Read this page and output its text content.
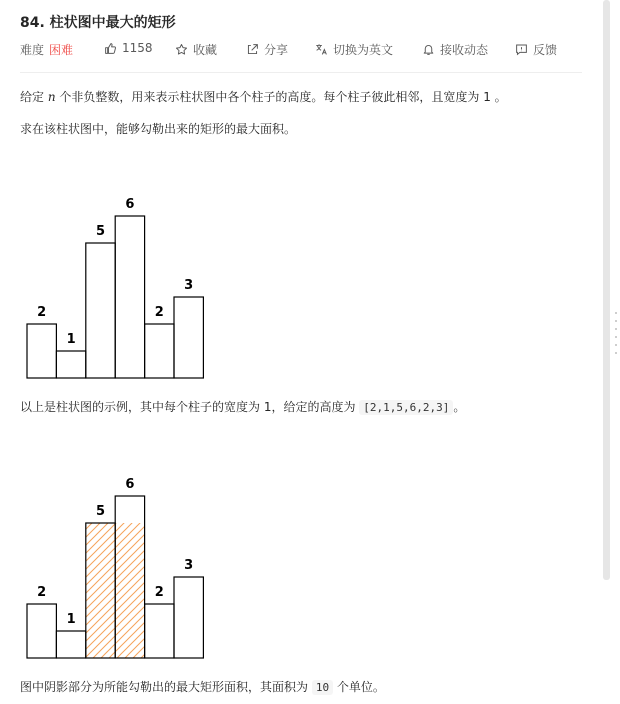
84. 柱状图中最大的矩形
难度 困难	1158	收藏	分享	切换为英文	接收动态	反馈
给定 n 个非负整数，用来表示柱状图中各个柱子的高度。每个柱子彼此相邻，且宽度为 1 。
求在该柱状图中，能够勾勒出来的矩形的最大面积。
2
1
5
6
2
3
以上是柱状图的示例，其中每个柱子的宽度为 1，给定的高度为 [2,1,5,6,2,3] 。
2
1
5
6
2
3
图中阴影部分为所能勾勒出的最大矩形面积，其面积为 10 个单位。
